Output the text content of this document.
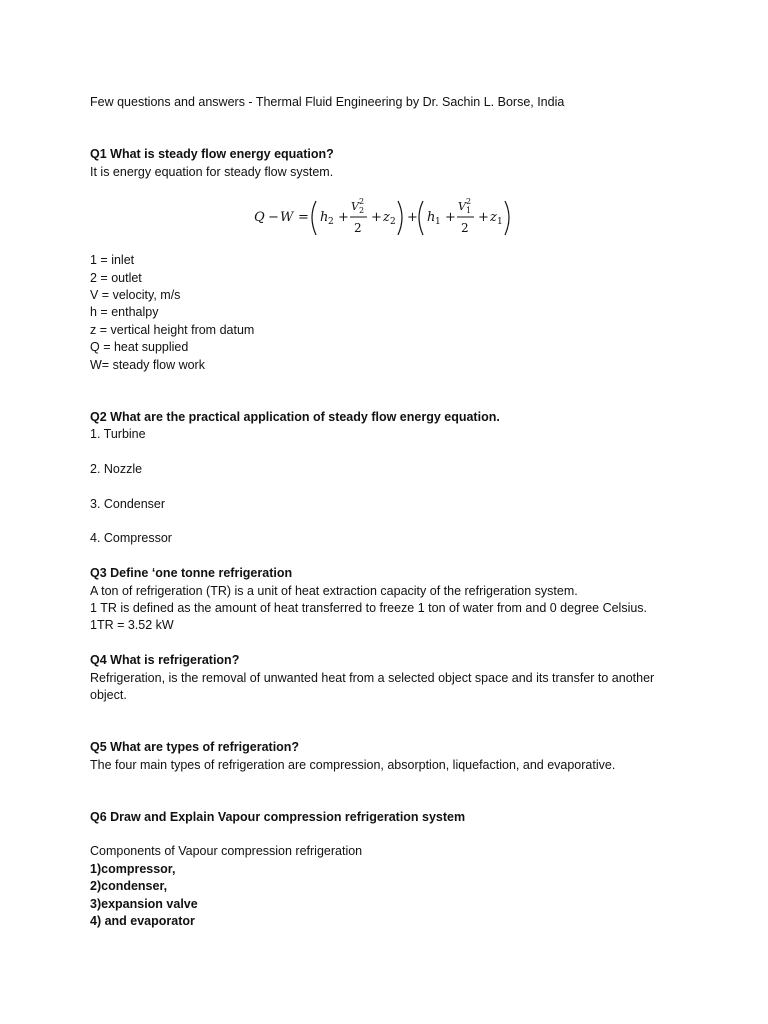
Few questions and answers - Thermal Fluid Engineering by Dr. Sachin L. Borse, India
Q1 What is steady flow energy equation?
It is energy equation for steady flow system.
Q − W = h 2 +
V 2
2
2
+ z 2 + h 1 +
V 2
1
2
+ z 1
1 = inlet
2 = outlet
V = velocity, m/s
h = enthalpy
z = vertical height from datum
Q = heat supplied
W= steady flow work
Q2 What are the practical application of steady flow energy equation.
1. Turbine
2. Nozzle
3. Condenser
4. Compressor
Q3 Define ‘one tonne refrigeration
A ton of refrigeration (TR) is a unit of heat extraction capacity of the refrigeration system.
1 TR is defined as the amount of heat transferred to freeze 1 ton of water from and 0 degree Celsius.
1TR = 3.52 kW
Q4 What is refrigeration?
Refrigeration, is the removal of unwanted heat from a selected object space and its transfer to another object.
Q5 What are types of refrigeration?
The four main types of refrigeration are compression, absorption, liquefaction, and evaporative.
Q6 Draw and Explain Vapour compression refrigeration system
Components of Vapour compression refrigeration
1)compressor,
2)condenser,
3)expansion valve
4) and evaporator
